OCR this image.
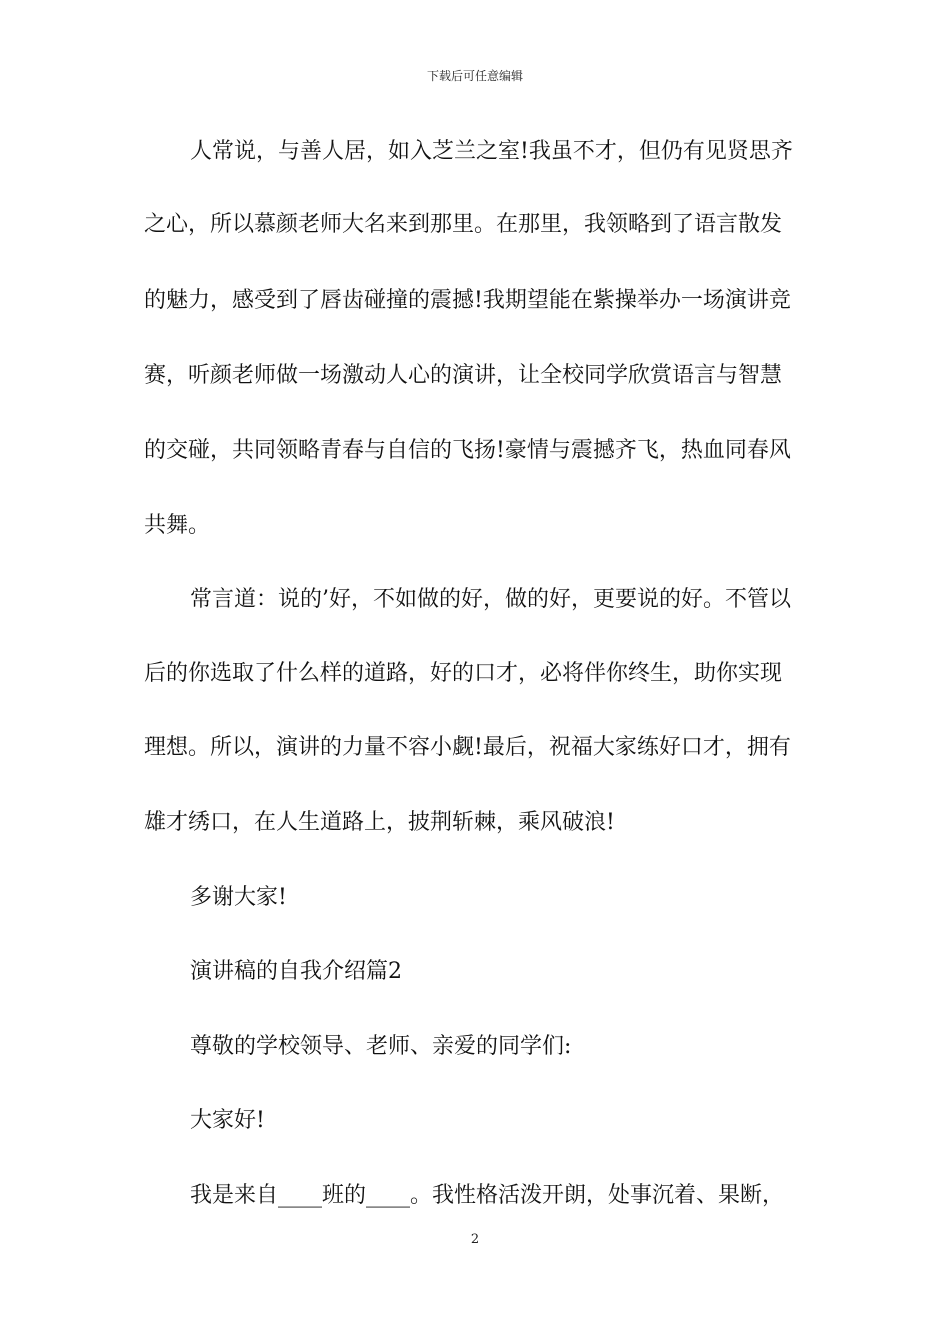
下载后可任意编辑
人常说，与善人居，如入芝兰之室!我虽不才，但仍有见贤思齐
之心，所以慕颜老师大名来到那里。在那里，我领略到了语言散发
的魅力，感受到了唇齿碰撞的震撼!我期望能在紫操举办一场演讲竞
赛，听颜老师做一场激动人心的演讲，让全校同学欣赏语言与智慧
的交碰，共同领略青春与自信的飞扬!豪情与震撼齐飞，热血同春风
共舞。
常言道：说的’好，不如做的好，做的好，更要说的好。不管以
后的你选取了什么样的道路，好的口才，必将伴你终生，助你实现
理想。所以，演讲的力量不容小觑!最后，祝福大家练好口才，拥有
雄才绣口，在人生道路上，披荆斩棘，乘风破浪!
多谢大家!
演讲稿的自我介绍篇2
尊敬的学校领导、老师、亲爱的同学们:
大家好!
我是来自____班的____。我性格活泼开朗，处事沉着、果断，
2
